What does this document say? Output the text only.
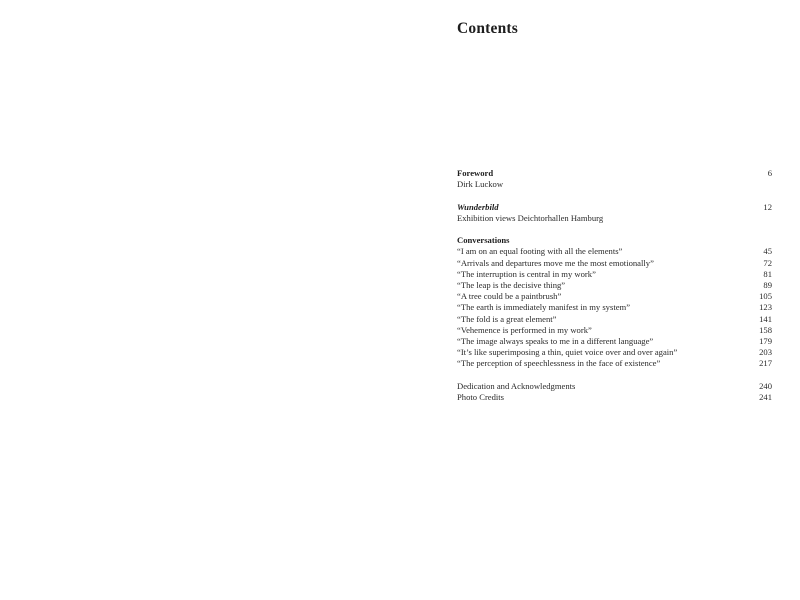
Contents
Foreword	6
Dirk Luckow
Wunderbild	12
Exhibition views Deichtorhallen Hamburg
Conversations
“I am on an equal footing with all the elements”	45
“Arrivals and departures move me the most emotionally”	72
“The interruption is central in my work”	81
“The leap is the decisive thing”	89
“A tree could be a paintbrush”	105
“The earth is immediately manifest in my system”	123
“The fold is a great element”	141
“Vehemence is performed in my work”	158
“The image always speaks to me in a different language”	179
“It’s like superimposing a thin, quiet voice over and over again”	203
“The perception of speechlessness in the face of existence”	217
Dedication and Acknowledgments	240
Photo Credits	241
